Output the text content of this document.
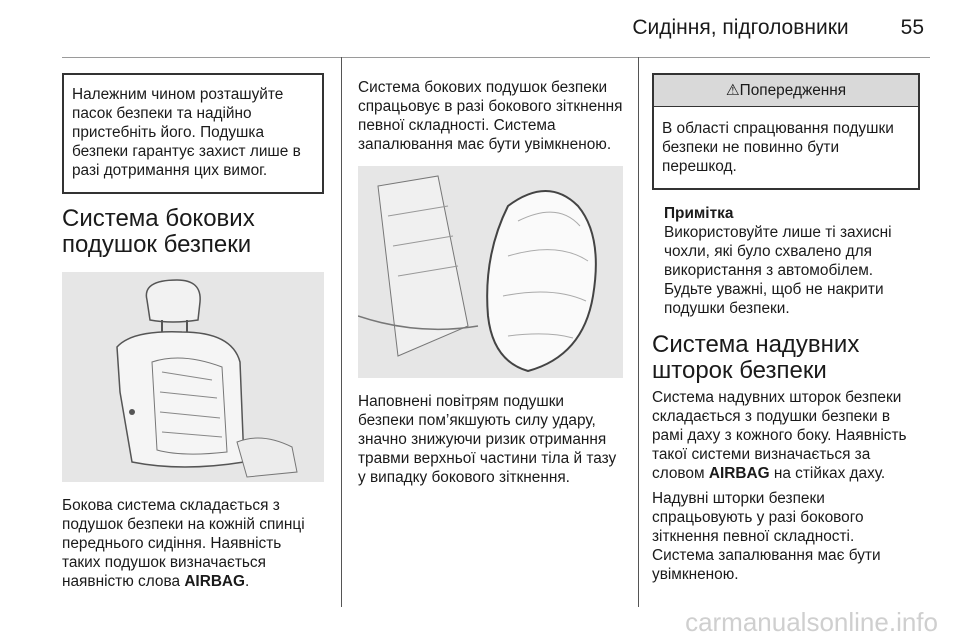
Сидіння, підголовники 55

Належним чином розташуйте пасок безпеки та надійно пристебніть його. Подушка безпеки гарантує захист лише в разі дотримання цих вимог.

Система бокових подушок безпеки

Бокова система складається з подушок безпеки на кожній спинці переднього сидіння. Наявність таких подушок визначається наявністю слова AIRBAG.

Система бокових подушок безпеки спрацьовує в разі бокового зіткнення певної складності. Система запалювання має бути увімкненою.

Наповнені повітрям подушки безпеки пом’якшують силу удару, значно знижуючи ризик отримання травми верхньої частини тіла й тазу у випадку бокового зіткнення.

⚠Попередження

В області спрацювання подушки безпеки не повинно бути перешкод.

Примітка

Використовуйте лише ті захисні чохли, які було схвалено для використання з автомобілем. Будьте уважні, щоб не накрити подушки безпеки.

Система надувних шторок безпеки

Система надувних шторок безпеки складається з подушки безпеки в рамі даху з кожного боку. Наявність такої системи визначається за словом AIRBAG на стійках даху.

Надувні шторки безпеки спрацьовують у разі бокового зіткнення певної складності. Система запалювання має бути увімкненою.

carmanualsonline.info
